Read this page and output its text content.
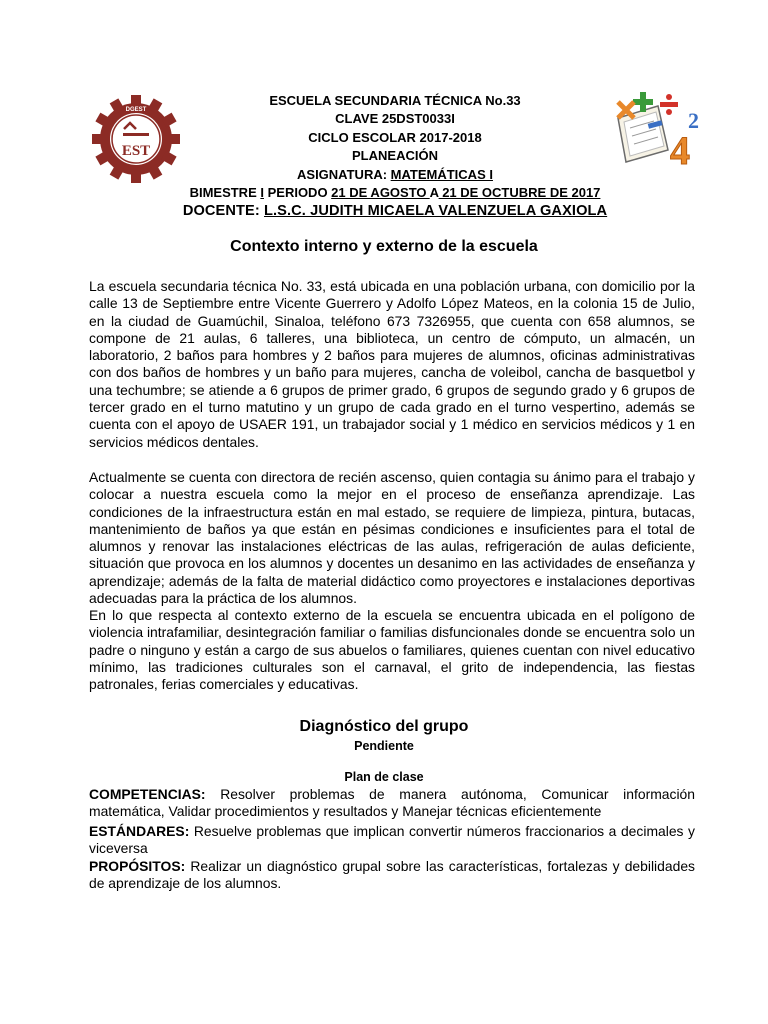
DGEST
EST	4
2
ESCUELA SECUNDARIA TÉCNICA No.33
CLAVE 25DST0033I
CICLO ESCOLAR 2017-2018
PLANEACIÓN
ASIGNATURA: MATEMÁTICAS I
BIMESTRE I PERIODO 21 DE AGOSTO A 21 DE OCTUBRE DE 2017
DOCENTE: L.S.C. JUDITH MICAELA VALENZUELA GAXIOLA
Contexto interno y externo de la escuela

La escuela secundaria técnica No. 33, está ubicada en una población urbana, con domicilio por la calle 13 de Septiembre entre Vicente Guerrero y Adolfo López Mateos, en la colonia 15 de Julio, en la ciudad de Guamúchil, Sinaloa, teléfono 673 7326955, que cuenta con 658 alumnos, se compone de 21 aulas, 6 talleres, una biblioteca, un centro de cómputo, un almacén, un laboratorio, 2 baños para hombres y 2 baños para mujeres de alumnos, oficinas administrativas con dos baños de hombres y un baño para mujeres, cancha de voleibol, cancha de basquetbol y una techumbre; se atiende a 6 grupos de primer grado, 6 grupos de segundo grado y 6 grupos de tercer grado en el turno matutino y un grupo de cada grado en el turno vespertino, además se cuenta con el apoyo de USAER 191, un trabajador social y 1 médico en servicios médicos y 1 en servicios médicos dentales.

Actualmente se cuenta con directora de recién ascenso, quien contagia su ánimo para el trabajo y colocar a nuestra escuela como la mejor en el proceso de enseñanza aprendizaje. Las condiciones de la infraestructura están en mal estado, se requiere de limpieza, pintura, butacas, mantenimiento de baños ya que están en pésimas condiciones e insuficientes para el total de alumnos y renovar las instalaciones eléctricas de las aulas, refrigeración de aulas deficiente, situación que provoca en los alumnos y docentes un desanimo en las actividades de enseñanza y aprendizaje; además de la falta de material didáctico como proyectores e instalaciones deportivas adecuadas para la práctica de los alumnos.

En lo que respecta al contexto externo de la escuela se encuentra ubicada en el polígono de violencia intrafamiliar, desintegración familiar o familias disfuncionales donde se encuentra solo un padre o ninguno y están a cargo de sus abuelos o familiares, quienes cuentan con nivel educativo mínimo, las tradiciones culturales son el carnaval, el grito de independencia, las fiestas patronales, ferias comerciales y educativas.

Diagnóstico del grupo
Pendiente
Plan de clase

COMPETENCIAS: Resolver problemas de manera autónoma, Comunicar información matemática, Validar procedimientos y resultados y Manejar técnicas eficientemente

ESTÁNDARES: Resuelve problemas que implican convertir números fraccionarios a decimales y viceversa

PROPÓSITOS: Realizar un diagnóstico grupal sobre las características, fortalezas y debilidades de aprendizaje de los alumnos.
